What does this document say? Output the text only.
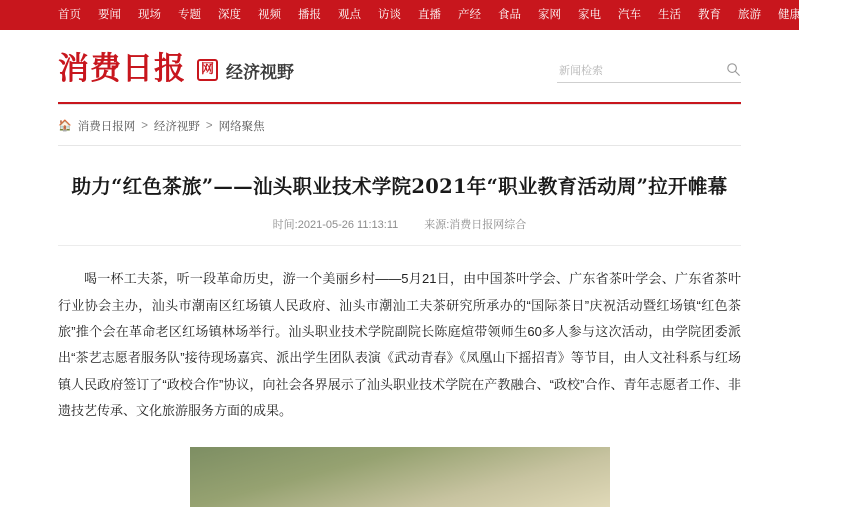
首页 要闻 现场 专题 深度 视频 播报 观点 访谈 直播 产经 食品 家网 家电 汽车 生活 教育 旅游 健康 文娱
消费日报	网 经济视野
新闻检索
🏠 消费日报网 > 经济视野 > 网络聚焦
助力“红色茶旅”——汕头职业技术学院2021年“职业教育活动周”拉开帷幕
时间:2021-05-26 11:13:11 来源:消费日报网综合

喝一杯工夫茶，听一段革命历史，游一个美丽乡村——5月21日，由中国茶叶学会、广东省茶叶学会、广东省茶叶行业协会主办，汕头市潮南区红场镇人民政府、汕头市潮汕工夫茶研究所承办的“国际茶日”庆祝活动暨红场镇“红色茶旅”推个会在革命老区红场镇林场举行。汕头职业技术学院副院长陈庭煊带领师生60多人参与这次活动，由学院团委派出“茶艺志愿者服务队”接待现场嘉宾、派出学生团队表演《武动青春》《凤凰山下摇招青》等节目，由人文社科系与红场镇人民政府签订了“政校合作”协议，向社会各界展示了汕头职业技术学院在产教融合、“政校”合作、青年志愿者工作、非遗技艺传承、文化旅游服务方面的成果。
